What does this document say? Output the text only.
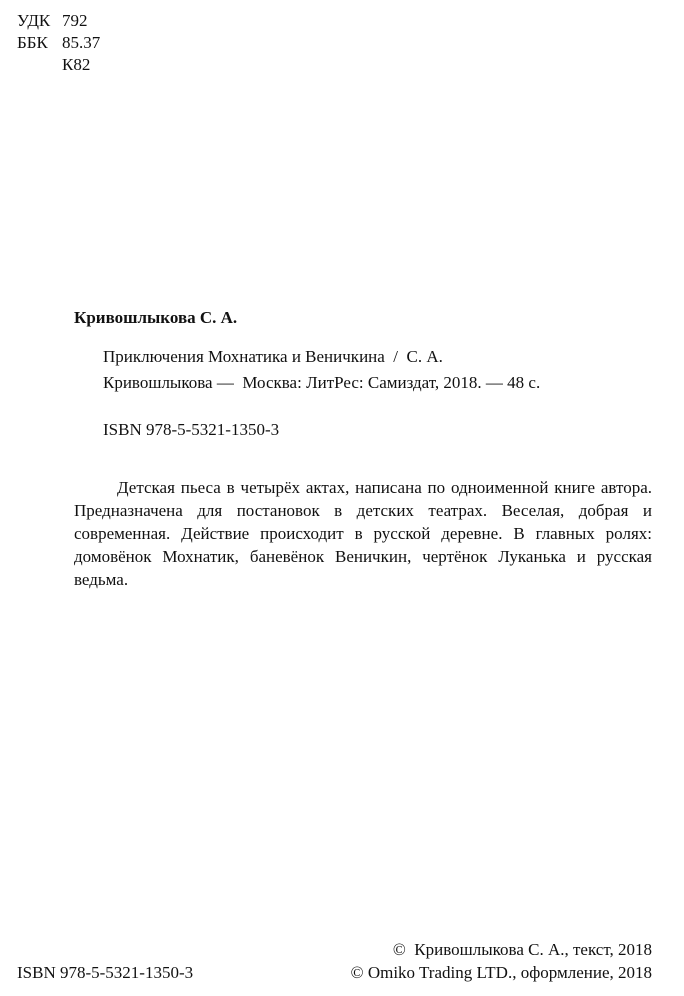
УДК 792
ББК 85.37
К82
Кривошлыкова С. А.
Приключения Мохнатика и Веничкина  /  С. А.
Кривошлыкова —  Москва: ЛитРес: Самиздат, 2018. — 48 с.
ISBN 978-5-5321-1350-3

Детская пьеса в четырёх актах, написана по одноименной книге автора. Предназначена для постановок в детских театрах. Веселая, добрая и современная. Действие происходит в русской деревне. В главных ролях: домовёнок Мохнатик, баневёнок Веничкин, чертёнок Луканька и русская ведьма.

ISBN 978-5-5321-1350-3
©  Кривошлыкова С. А., текст, 2018
© Omiko Trading LTD., оформление, 2018
